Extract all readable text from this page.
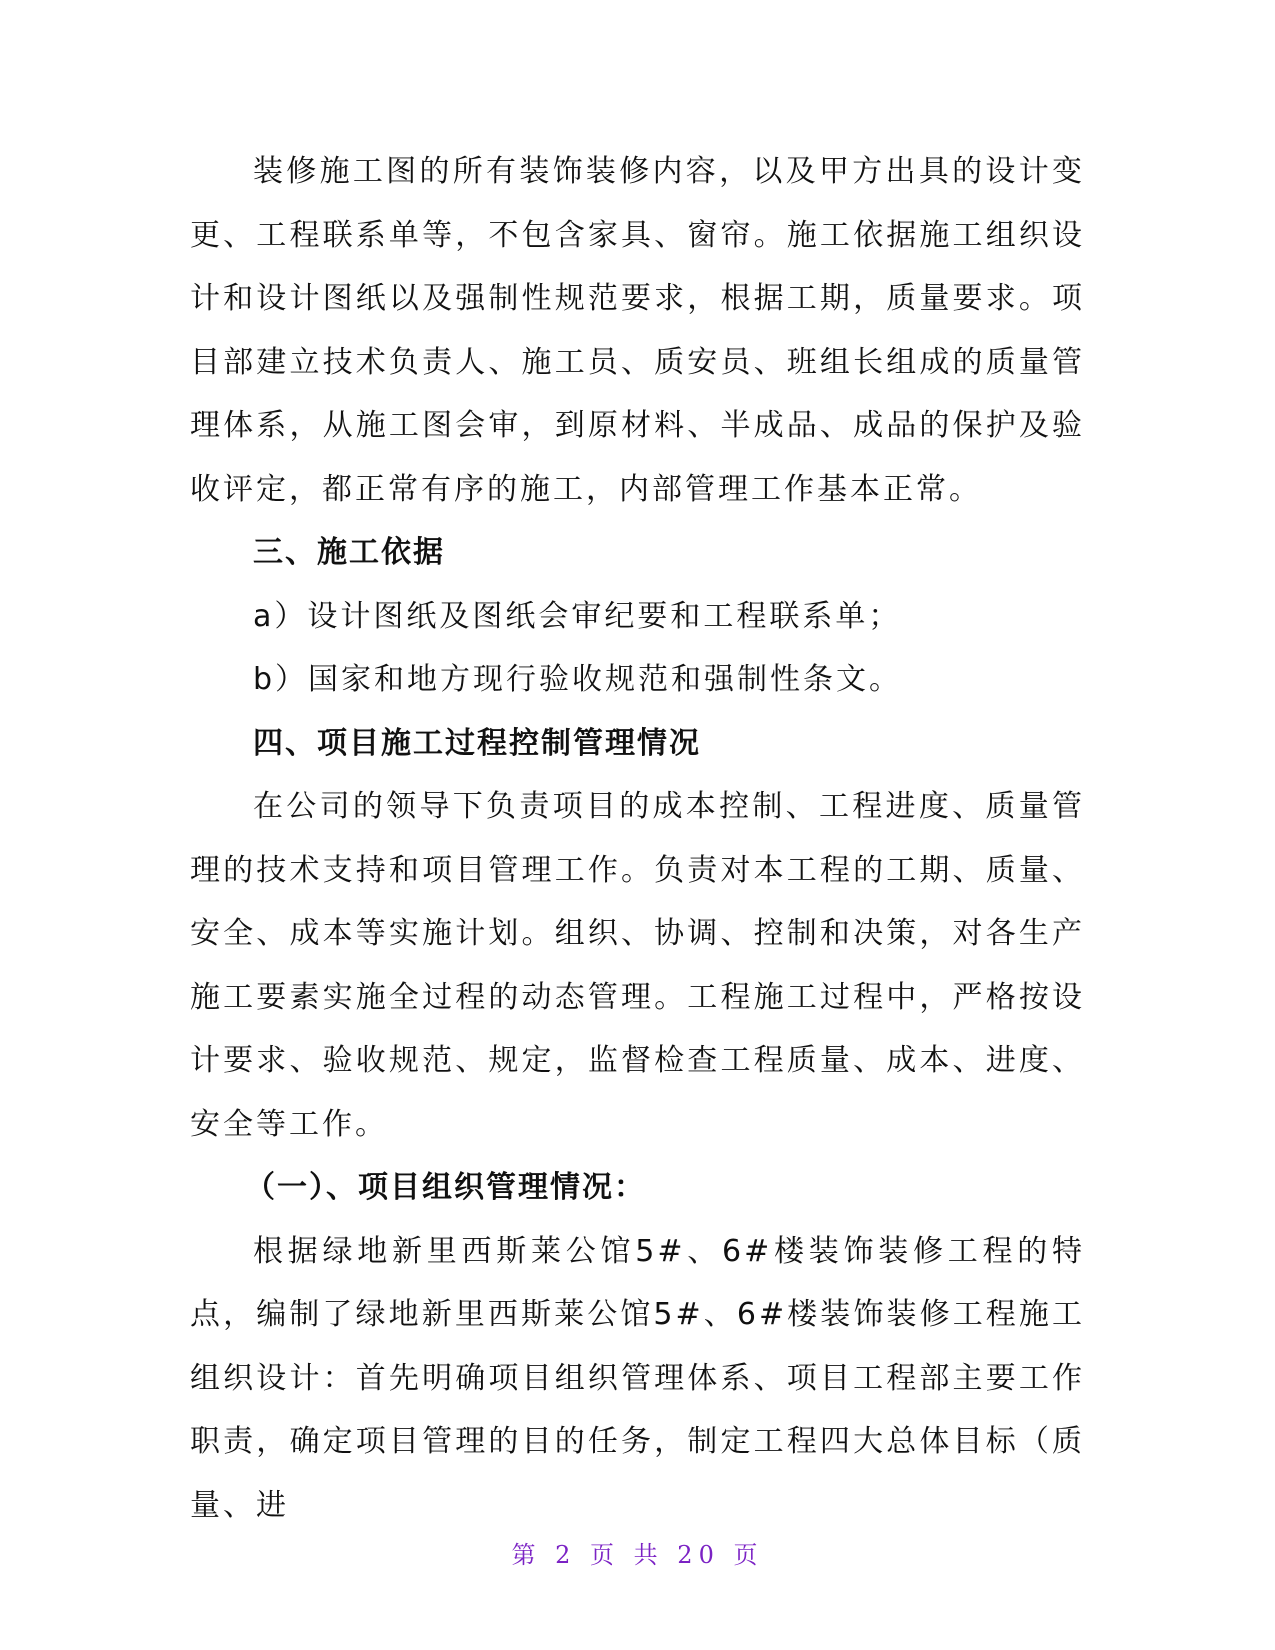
装修施工图的所有装饰装修内容，以及甲方出具的设计变更、工程联系单等，不包含家具、窗帘。施工依据施工组织设计和设计图纸以及强制性规范要求，根据工期，质量要求。项目部建立技术负责人、施工员、质安员、班组长组成的质量管理体系，从施工图会审，到原材料、半成品、成品的保护及验收评定，都正常有序的施工，内部管理工作基本正常。

三、施工依据

a）设计图纸及图纸会审纪要和工程联系单；

b）国家和地方现行验收规范和强制性条文。

四、项目施工过程控制管理情况

在公司的领导下负责项目的成本控制、工程进度、质量管理的技术支持和项目管理工作。负责对本工程的工期、质量、安全、成本等实施计划。组织、协调、控制和决策，对各生产施工要素实施全过程的动态管理。工程施工过程中，严格按设计要求、验收规范、规定，监督检查工程质量、成本、进度、安全等工作。

（一）、项目组织管理情况：

根据绿地新里西斯莱公馆5#、6#楼装饰装修工程的特点，编制了绿地新里西斯莱公馆5#、6#楼装饰装修工程施工组织设计：首先明确项目组织管理体系、项目工程部主要工作职责，确定项目管理的目的任务，制定工程四大总体目标（质量、进

第 2 页 共 20 页
